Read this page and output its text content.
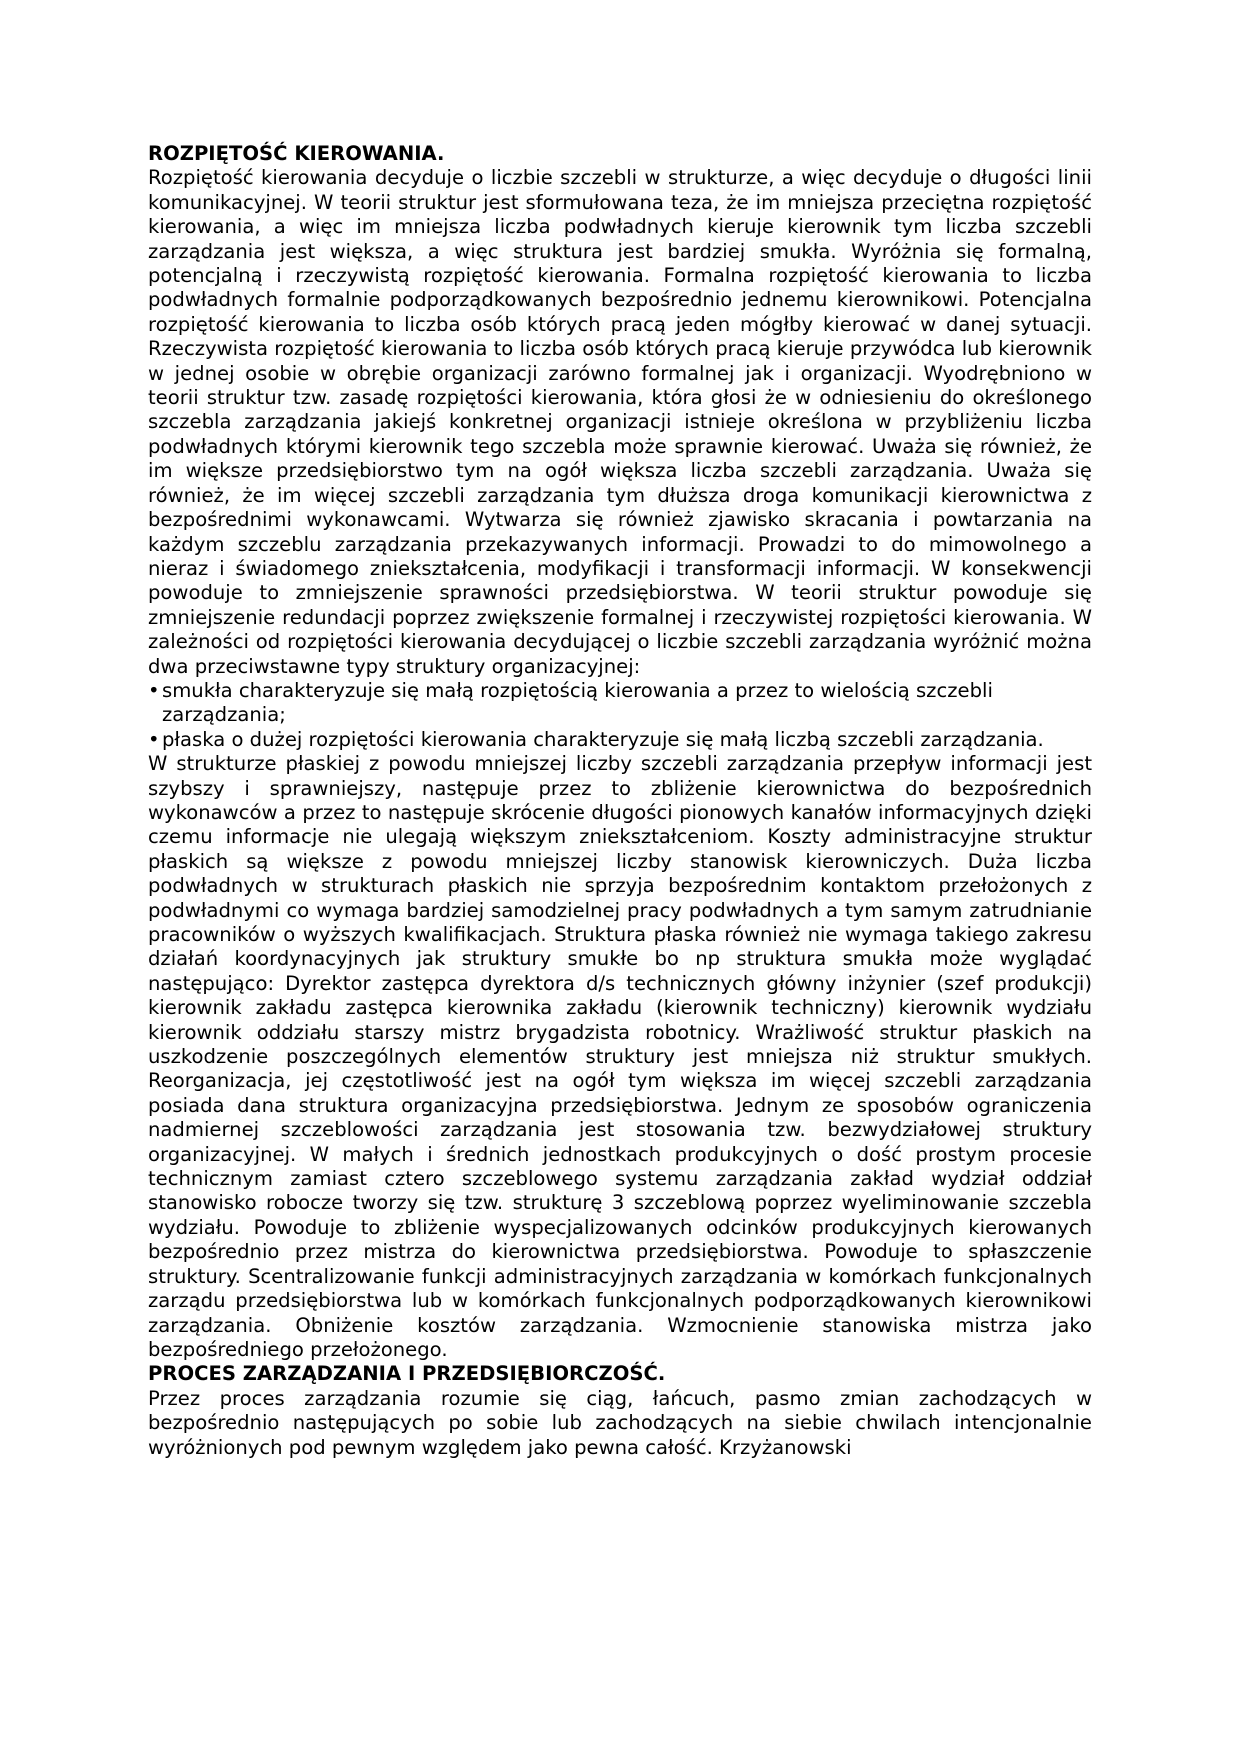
ROZPIĘTOŚĆ KIEROWANIA.

Rozpiętość kierowania decyduje o liczbie szczebli w strukturze, a więc decyduje o długości linii komunikacyjnej. W teorii struktur jest sformułowana teza, że im mniejsza przeciętna rozpiętość kierowania, a więc im mniejsza liczba podwładnych kieruje kierownik tym liczba szczebli zarządzania jest większa, a więc struktura jest bardziej smukła. Wyróżnia się formalną, potencjalną i rzeczywistą rozpiętość kierowania. Formalna rozpiętość kierowania to liczba podwładnych formalnie podporządkowanych bezpośrednio jednemu kierownikowi. Potencjalna rozpiętość kierowania to liczba osób których pracą jeden mógłby kierować w danej sytuacji. Rzeczywista rozpiętość kierowania to liczba osób których pracą kieruje przywódca lub kierownik w jednej osobie w obrębie organizacji zarówno formalnej jak i organizacji. Wyodrębniono w teorii struktur tzw. zasadę rozpiętości kierowania, która głosi że w odniesieniu do określonego szczebla zarządzania jakiejś konkretnej organizacji istnieje określona w przybliżeniu liczba podwładnych którymi kierownik tego szczebla może sprawnie kierować. Uważa się również, że im większe przedsiębiorstwo tym na ogół większa liczba szczebli zarządzania. Uważa się również, że im więcej szczebli zarządzania tym dłuższa droga komunikacji kierownictwa z bezpośrednimi wykonawcami. Wytwarza się również zjawisko skracania i powtarzania na każdym szczeblu zarządzania przekazywanych informacji. Prowadzi to do mimowolnego a nieraz i świadomego zniekształcenia, modyfikacji i transformacji informacji. W konsekwencji powoduje to zmniejszenie sprawności przedsiębiorstwa. W teorii struktur powoduje się zmniejszenie redundacji poprzez zwiększenie formalnej i rzeczywistej rozpiętości kierowania. W zależności od rozpiętości kierowania decydującej o liczbie szczebli zarządzania wyróżnić można dwa przeciwstawne typy struktury organizacyjnej:

• smukła charakteryzuje się małą rozpiętością kierowania a przez to wielością szczebli zarządzania;
• płaska o dużej rozpiętości kierowania charakteryzuje się małą liczbą szczebli zarządzania.

W strukturze płaskiej z powodu mniejszej liczby szczebli zarządzania przepływ informacji jest szybszy i sprawniejszy, następuje przez to zbliżenie kierownictwa do bezpośrednich wykonawców a przez to następuje skrócenie długości pionowych kanałów informacyjnych dzięki czemu informacje nie ulegają większym zniekształceniom. Koszty administracyjne struktur płaskich są większe z powodu mniejszej liczby stanowisk kierowniczych. Duża liczba podwładnych w strukturach płaskich nie sprzyja bezpośrednim kontaktom przełożonych z podwładnymi co wymaga bardziej samodzielnej pracy podwładnych a tym samym zatrudnianie pracowników o wyższych kwalifikacjach. Struktura płaska również nie wymaga takiego zakresu działań koordynacyjnych jak struktury smukłe bo np struktura smukła może wyglądać następująco: Dyrektor zastępca dyrektora d/s technicznych główny inżynier (szef produkcji) kierownik zakładu zastępca kierownika zakładu (kierownik techniczny) kierownik wydziału kierownik oddziału starszy mistrz brygadzista robotnicy. Wrażliwość struktur płaskich na uszkodzenie poszczególnych elementów struktury jest mniejsza niż struktur smukłych. Reorganizacja, jej częstotliwość jest na ogół tym większa im więcej szczebli zarządzania posiada dana struktura organizacyjna przedsiębiorstwa. Jednym ze sposobów ograniczenia nadmiernej szczeblowości zarządzania jest stosowania tzw. bezwydziałowej struktury organizacyjnej. W małych i średnich jednostkach produkcyjnych o dość prostym procesie technicznym zamiast cztero szczeblowego systemu zarządzania zakład wydział oddział stanowisko robocze tworzy się tzw. strukturę 3 szczeblową poprzez wyeliminowanie szczebla wydziału. Powoduje to zbliżenie wyspecjalizowanych odcinków produkcyjnych kierowanych bezpośrednio przez mistrza do kierownictwa przedsiębiorstwa. Powoduje to spłaszczenie struktury. Scentralizowanie funkcji administracyjnych zarządzania w komórkach funkcjonalnych zarządu przedsiębiorstwa lub w komórkach funkcjonalnych podporządkowanych kierownikowi zarządzania. Obniżenie kosztów zarządzania. Wzmocnienie stanowiska mistrza jako bezpośredniego przełożonego.

PROCES ZARZĄDZANIA I PRZEDSIĘBIORCZOŚĆ.

Przez proces zarządzania rozumie się ciąg, łańcuch, pasmo zmian zachodzących w bezpośrednio następujących po sobie lub zachodzących na siebie chwilach intencjonalnie wyróżnionych pod pewnym względem jako pewna całość. Krzyżanowski
